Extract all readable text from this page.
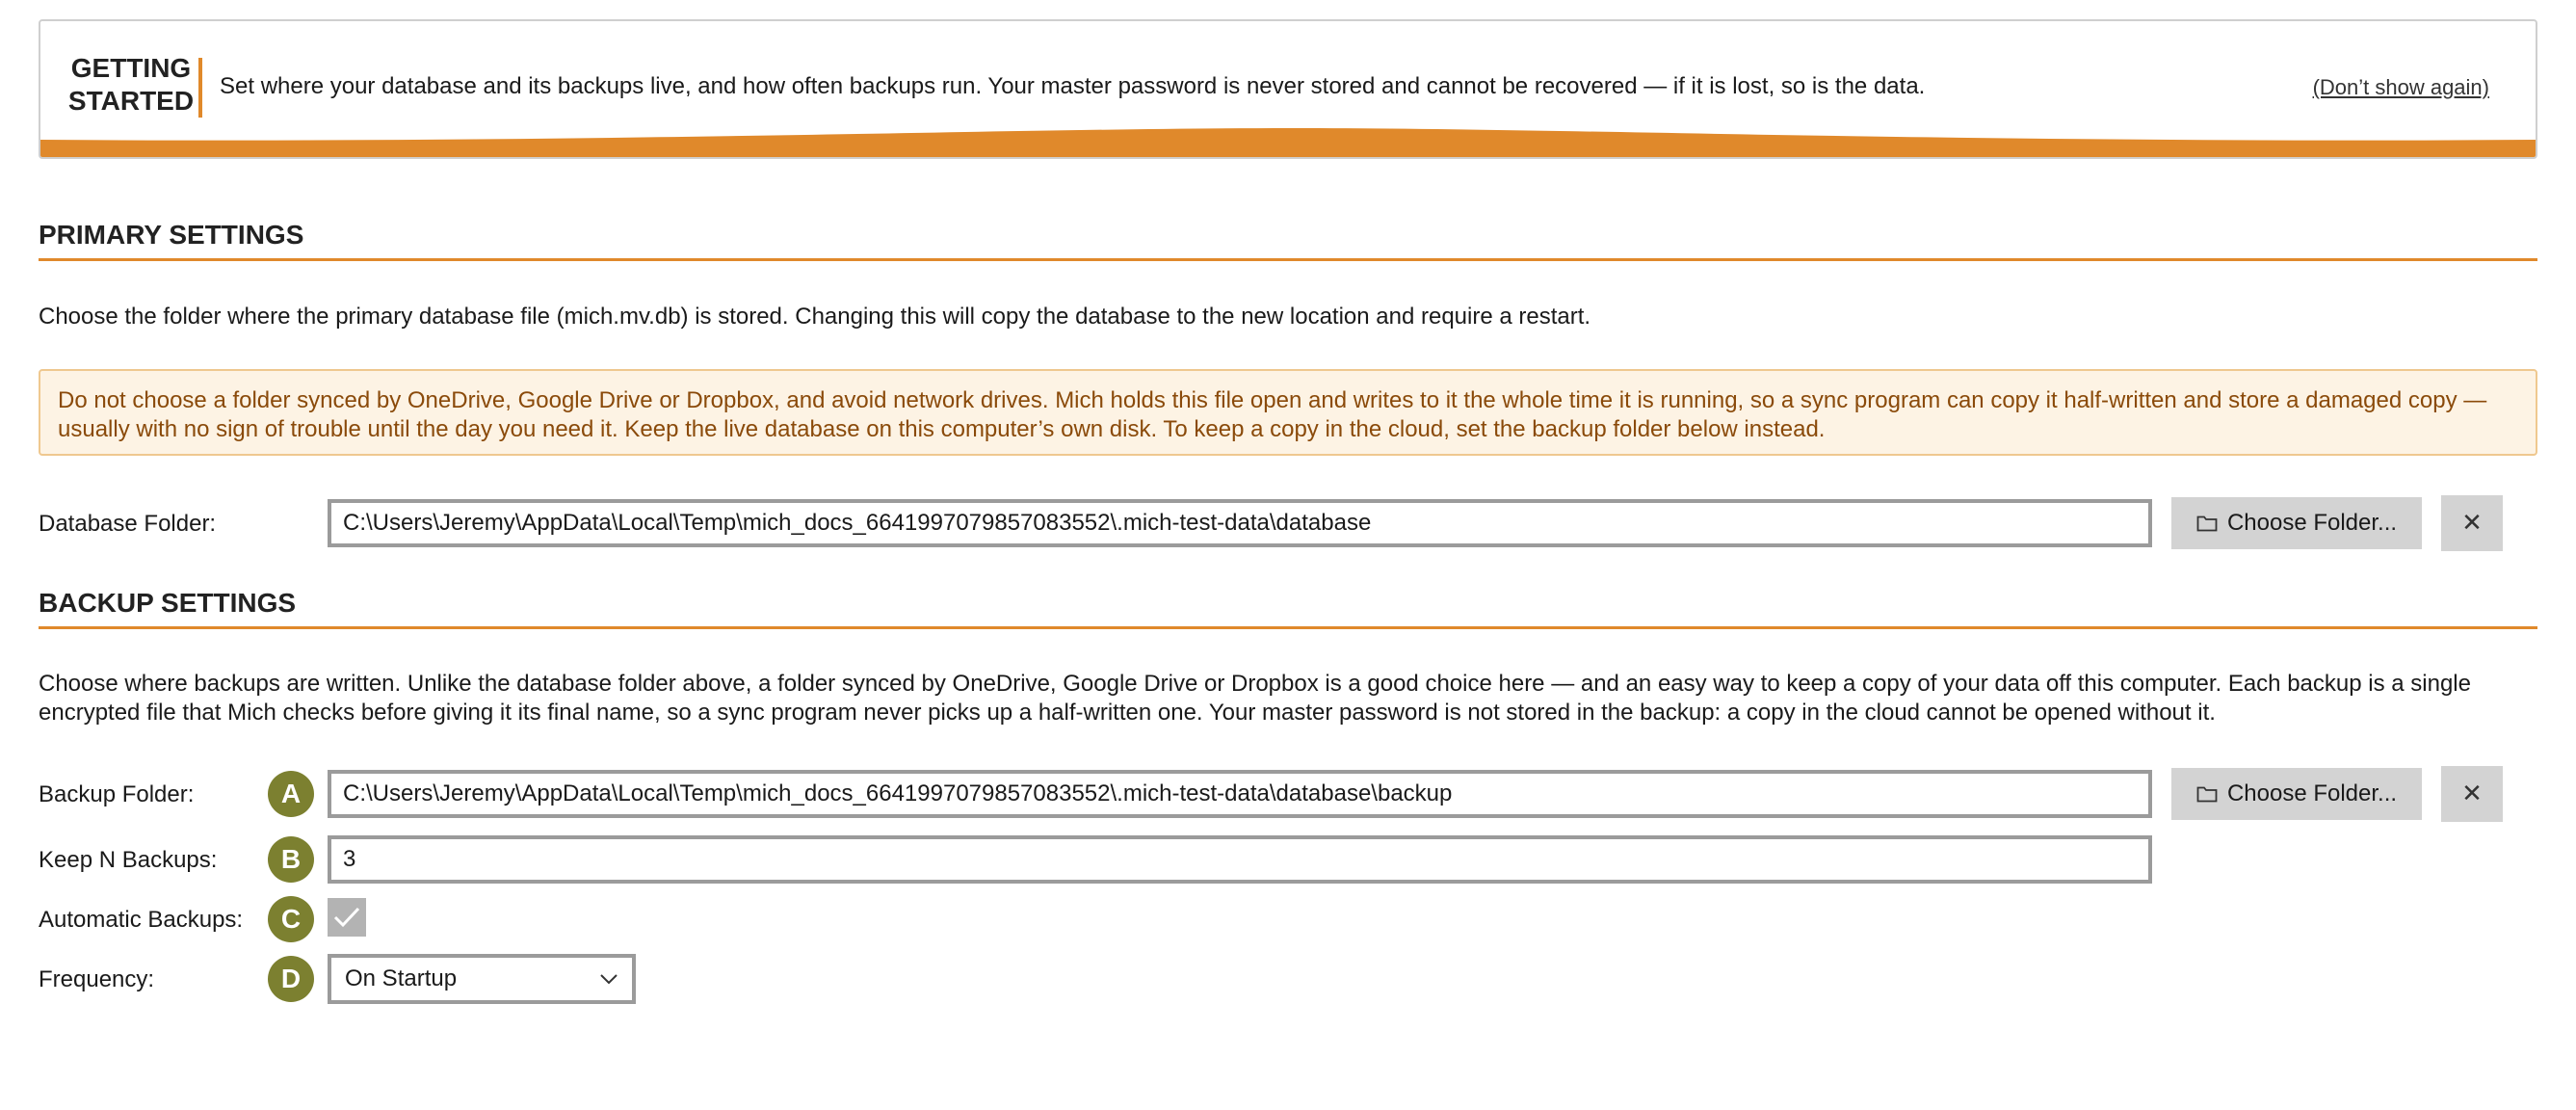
GETTING STARTED Set where your database and its backups live, and how often backups run. Your master password is never stored and cannot be recovered — if it is lost, so is the data.	(Don’t show again)
PRIMARY SETTINGS
Choose the folder where the primary database file (mich.mv.db) is stored. Changing this will copy the database to the new location and require a restart.
Do not choose a folder synced by OneDrive, Google Drive or Dropbox, and avoid network drives. Mich holds this file open and writes to it the whole time it is running, so a sync program can copy it half-written and store a damaged copy — usually with no sign of trouble until the day you need it. Keep the live database on this computer’s own disk. To keep a copy in the cloud, set the backup folder below instead.
Database Folder:
C:\Users\Jeremy\AppData\Local\Temp\mich_docs_6641997079857083552\.mich-test-data\database	Choose Folder...	✕
BACKUP SETTINGS
Choose where backups are written. Unlike the database folder above, a folder synced by OneDrive, Google Drive or Dropbox is a good choice here — and an easy way to keep a copy of your data off this computer. Each backup is a single encrypted file that Mich checks before giving it its final name, so a sync program never picks up a half-written one. Your master password is not stored in the backup: a copy in the cloud cannot be opened without it.
Backup Folder:	A
C:\Users\Jeremy\AppData\Local\Temp\mich_docs_6641997079857083552\.mich-test-data\database\backup	Choose Folder...	✕
Keep N Backups:	B
3
Automatic Backups:	C
Frequency:	D	On Startup
